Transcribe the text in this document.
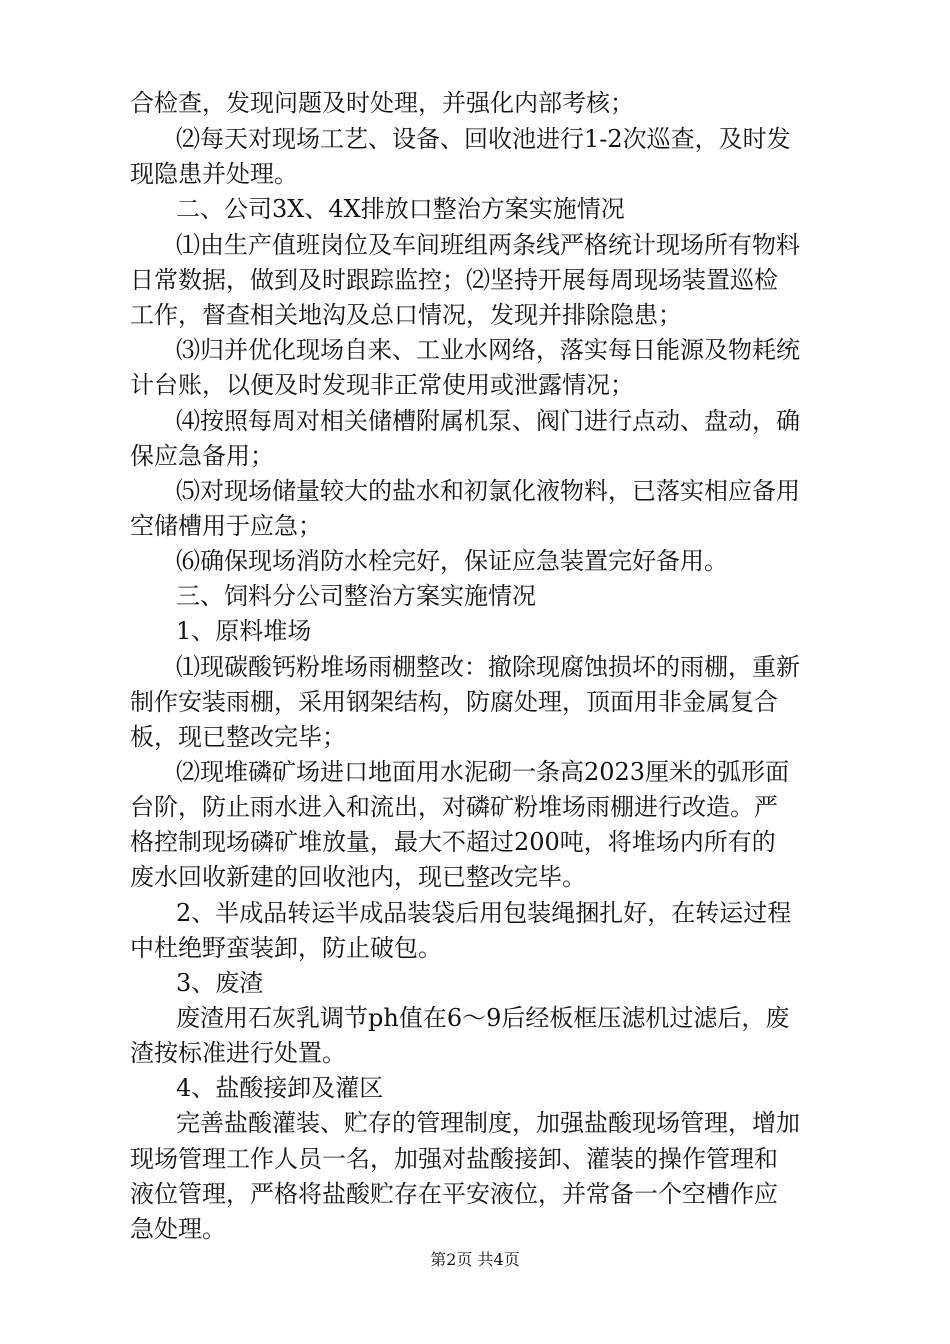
合检查，发现问题及时处理，并强化内部考核；
⑵每天对现场工艺、设备、回收池进行1-2次巡查，及时发
现隐患并处理。
二、公司3X、4X排放口整治方案实施情况
⑴由生产值班岗位及车间班组两条线严格统计现场所有物料
日常数据，做到及时跟踪监控；⑵坚持开展每周现场装置巡检
工作，督查相关地沟及总口情况，发现并排除隐患；
⑶归并优化现场自来、工业水网络，落实每日能源及物耗统
计台账，以便及时发现非正常使用或泄露情况；
⑷按照每周对相关储槽附属机泵、阀门进行点动、盘动，确
保应急备用；
⑸对现场储量较大的盐水和初氯化液物料，已落实相应备用
空储槽用于应急；
⑹确保现场消防水栓完好，保证应急装置完好备用。
三、饲料分公司整治方案实施情况
1、原料堆场
⑴现碳酸钙粉堆场雨棚整改：撤除现腐蚀损坏的雨棚，重新
制作安装雨棚，采用钢架结构，防腐处理，顶面用非金属复合
板，现已整改完毕；
⑵现堆磷矿场进口地面用水泥砌一条高2023厘米的弧形面
台阶，防止雨水进入和流出，对磷矿粉堆场雨棚进行改造。严
格控制现场磷矿堆放量，最大不超过200吨，将堆场内所有的
废水回收新建的回收池内，现已整改完毕。
2、半成品转运半成品装袋后用包装绳捆扎好，在转运过程
中杜绝野蛮装卸，防止破包。
3、废渣
废渣用石灰乳调节ph值在6～9后经板框压滤机过滤后，废
渣按标准进行处置。
4、盐酸接卸及灌区
完善盐酸灌装、贮存的管理制度，加强盐酸现场管理，增加
现场管理工作人员一名，加强对盐酸接卸、灌装的操作管理和
液位管理，严格将盐酸贮存在平安液位，并常备一个空槽作应
急处理。
第2页 共4页
